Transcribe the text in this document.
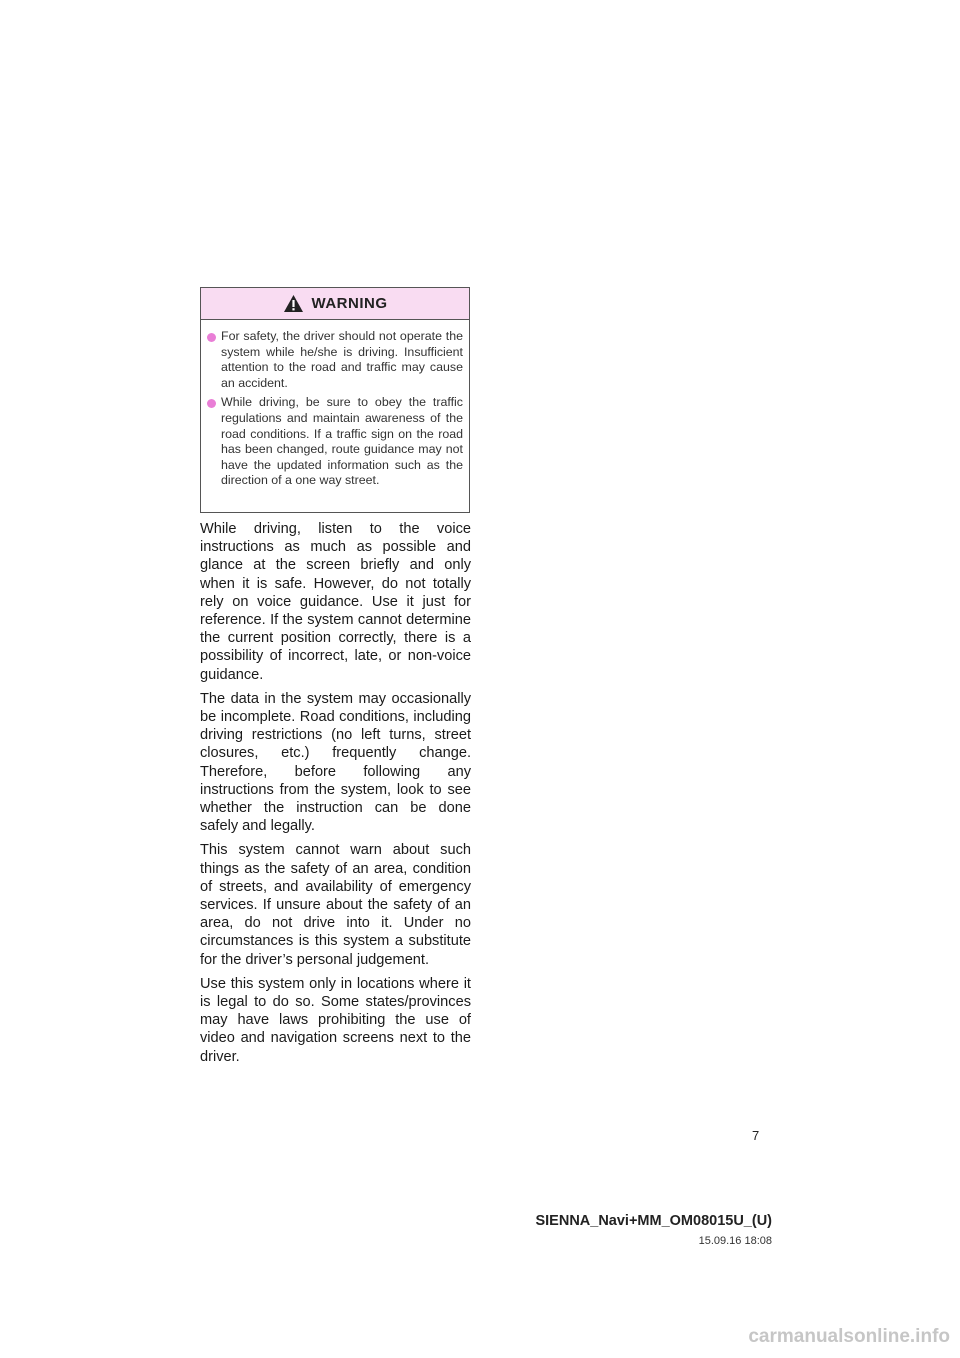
WARNING
For safety, the driver should not operate the system while he/she is driving. Insufficient attention to the road and traffic may cause an accident.
While driving, be sure to obey the traffic regulations and maintain awareness of the road conditions. If a traffic sign on the road has been changed, route guidance may not have the updated information such as the direction of a one way street.

While driving, listen to the voice instructions as much as possible and glance at the screen briefly and only when it is safe. However, do not totally rely on voice guidance. Use it just for reference. If the system cannot determine the current position correctly, there is a possibility of incorrect, late, or non-voice guidance.

The data in the system may occasionally be incomplete. Road conditions, including driving restrictions (no left turns, street closures, etc.) frequently change. Therefore, before following any instructions from the system, look to see whether the instruction can be done safely and legally.

This system cannot warn about such things as the safety of an area, condition of streets, and availability of emergency services. If unsure about the safety of an area, do not drive into it. Under no circumstances is this system a substitute for the driver’s personal judgement.

Use this system only in locations where it is legal to do so. Some states/provinces may have laws prohibiting the use of video and navigation screens next to the driver.

7
SIENNA_Navi+MM_OM08015U_(U)
15.09.16 18:08
carmanualsonline.info
